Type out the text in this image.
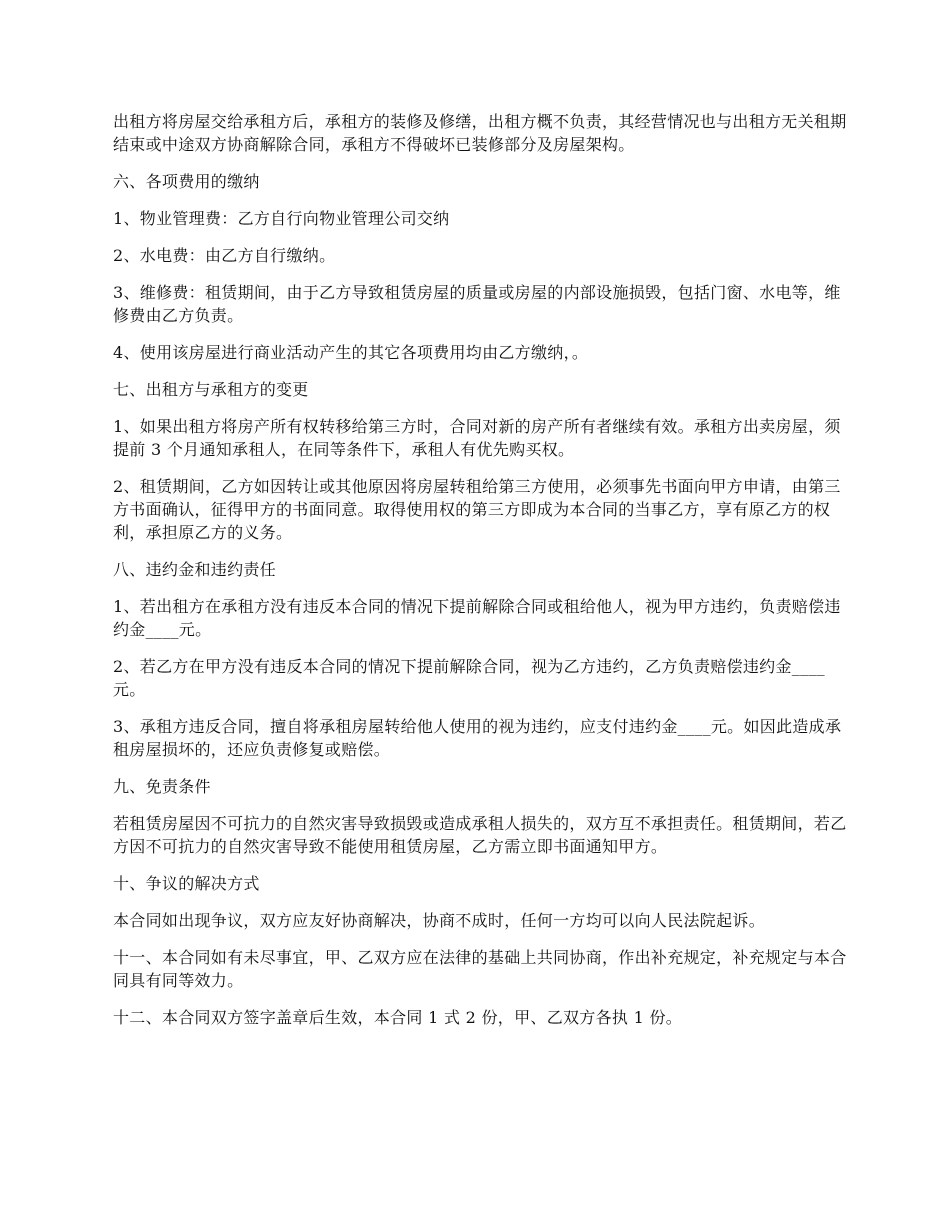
出租方将房屋交给承租方后，承租方的装修及修缮，出租方概不负责，其经营情况也与出租方无关租期结束或中途双方协商解除合同，承租方不得破坏已装修部分及房屋架构。

六、各项费用的缴纳

1、物业管理费：乙方自行向物业管理公司交纳

2、水电费：由乙方自行缴纳。

3、维修费：租赁期间，由于乙方导致租赁房屋的质量或房屋的内部设施损毁，包括门窗、水电等，维修费由乙方负责。

4、使用该房屋进行商业活动产生的其它各项费用均由乙方缴纳，。

七、出租方与承租方的变更

1、如果出租方将房产所有权转移给第三方时，合同对新的房产所有者继续有效。承租方出卖房屋，须提前 3 个月通知承租人，在同等条件下，承租人有优先购买权。

2、租赁期间，乙方如因转让或其他原因将房屋转租给第三方使用，必须事先书面向甲方申请，由第三方书面确认，征得甲方的书面同意。取得使用权的第三方即成为本合同的当事乙方，享有原乙方的权利，承担原乙方的义务。

八、违约金和违约责任

1、若出租方在承租方没有违反本合同的情况下提前解除合同或租给他人，视为甲方违约，负责赔偿违约金____元。

2、若乙方在甲方没有违反本合同的情况下提前解除合同，视为乙方违约，乙方负责赔偿违约金____元。

3、承租方违反合同，擅自将承租房屋转给他人使用的视为违约，应支付违约金____元。如因此造成承租房屋损坏的，还应负责修复或赔偿。

九、免责条件

若租赁房屋因不可抗力的自然灾害导致损毁或造成承租人损失的，双方互不承担责任。租赁期间，若乙方因不可抗力的自然灾害导致不能使用租赁房屋，乙方需立即书面通知甲方。

十、争议的解决方式

本合同如出现争议，双方应友好协商解决，协商不成时，任何一方均可以向人民法院起诉。

十一、本合同如有未尽事宜，甲、乙双方应在法律的基础上共同协商，作出补充规定，补充规定与本合同具有同等效力。

十二、本合同双方签字盖章后生效，本合同 1 式 2 份，甲、乙双方各执 1 份。
